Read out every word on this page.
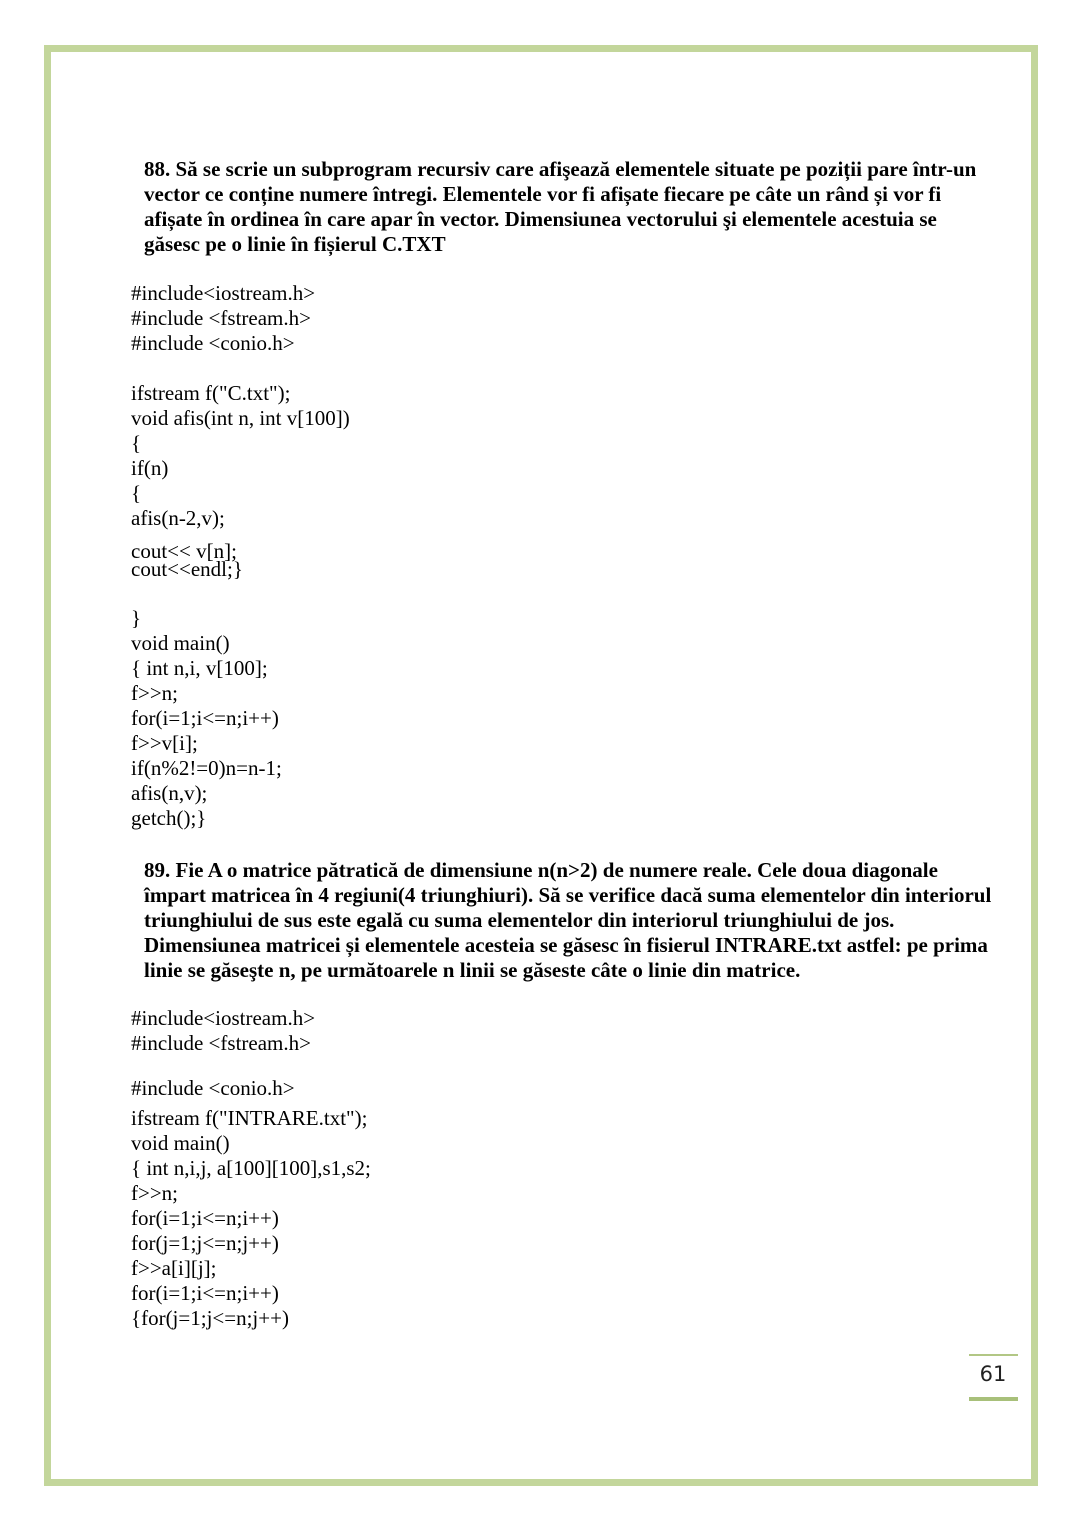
88. Să se scrie un subprogram recursiv care afişează elementele situate pe poziții pare într-un
vector ce conține numere întregi. Elementele vor fi afișate fiecare pe câte un rând și vor fi
afișate în ordinea în care apar în vector. Dimensiunea vectorului şi elementele acestuia se
găsesc pe o linie în fișierul C.TXT
#include<iostream.h>
#include <fstream.h>
#include <conio.h>
ifstream f("C.txt");
void afis(int n, int v[100])
{
if(n)
{
afis(n-2,v);
cout<< v[n];
cout<<endl;}
}
void main()
{ int n,i, v[100];
f>>n;
for(i=1;i<=n;i++)
f>>v[i];
if(n%2!=0)n=n-1;
afis(n,v);
getch();}
89. Fie A o matrice pătratică de dimensiune n(n>2) de numere reale. Cele doua diagonale
împart matricea în 4 regiuni(4 triunghiuri). Să se verifice dacă suma elementelor din interiorul
triunghiului de sus este egală cu suma elementelor din interiorul triunghiului de jos.
Dimensiunea matricei și elementele acesteia se găsesc în fisierul INTRARE.txt astfel: pe prima
linie se găseşte n, pe următoarele n linii se găseste câte o linie din matrice.
#include<iostream.h>
#include <fstream.h>
#include <conio.h>
ifstream f("INTRARE.txt");
void main()
{ int n,i,j, a[100][100],s1,s2;
f>>n;
for(i=1;i<=n;i++)
for(j=1;j<=n;j++)
f>>a[i][j];
for(i=1;i<=n;i++)
{for(j=1;j<=n;j++)
61
